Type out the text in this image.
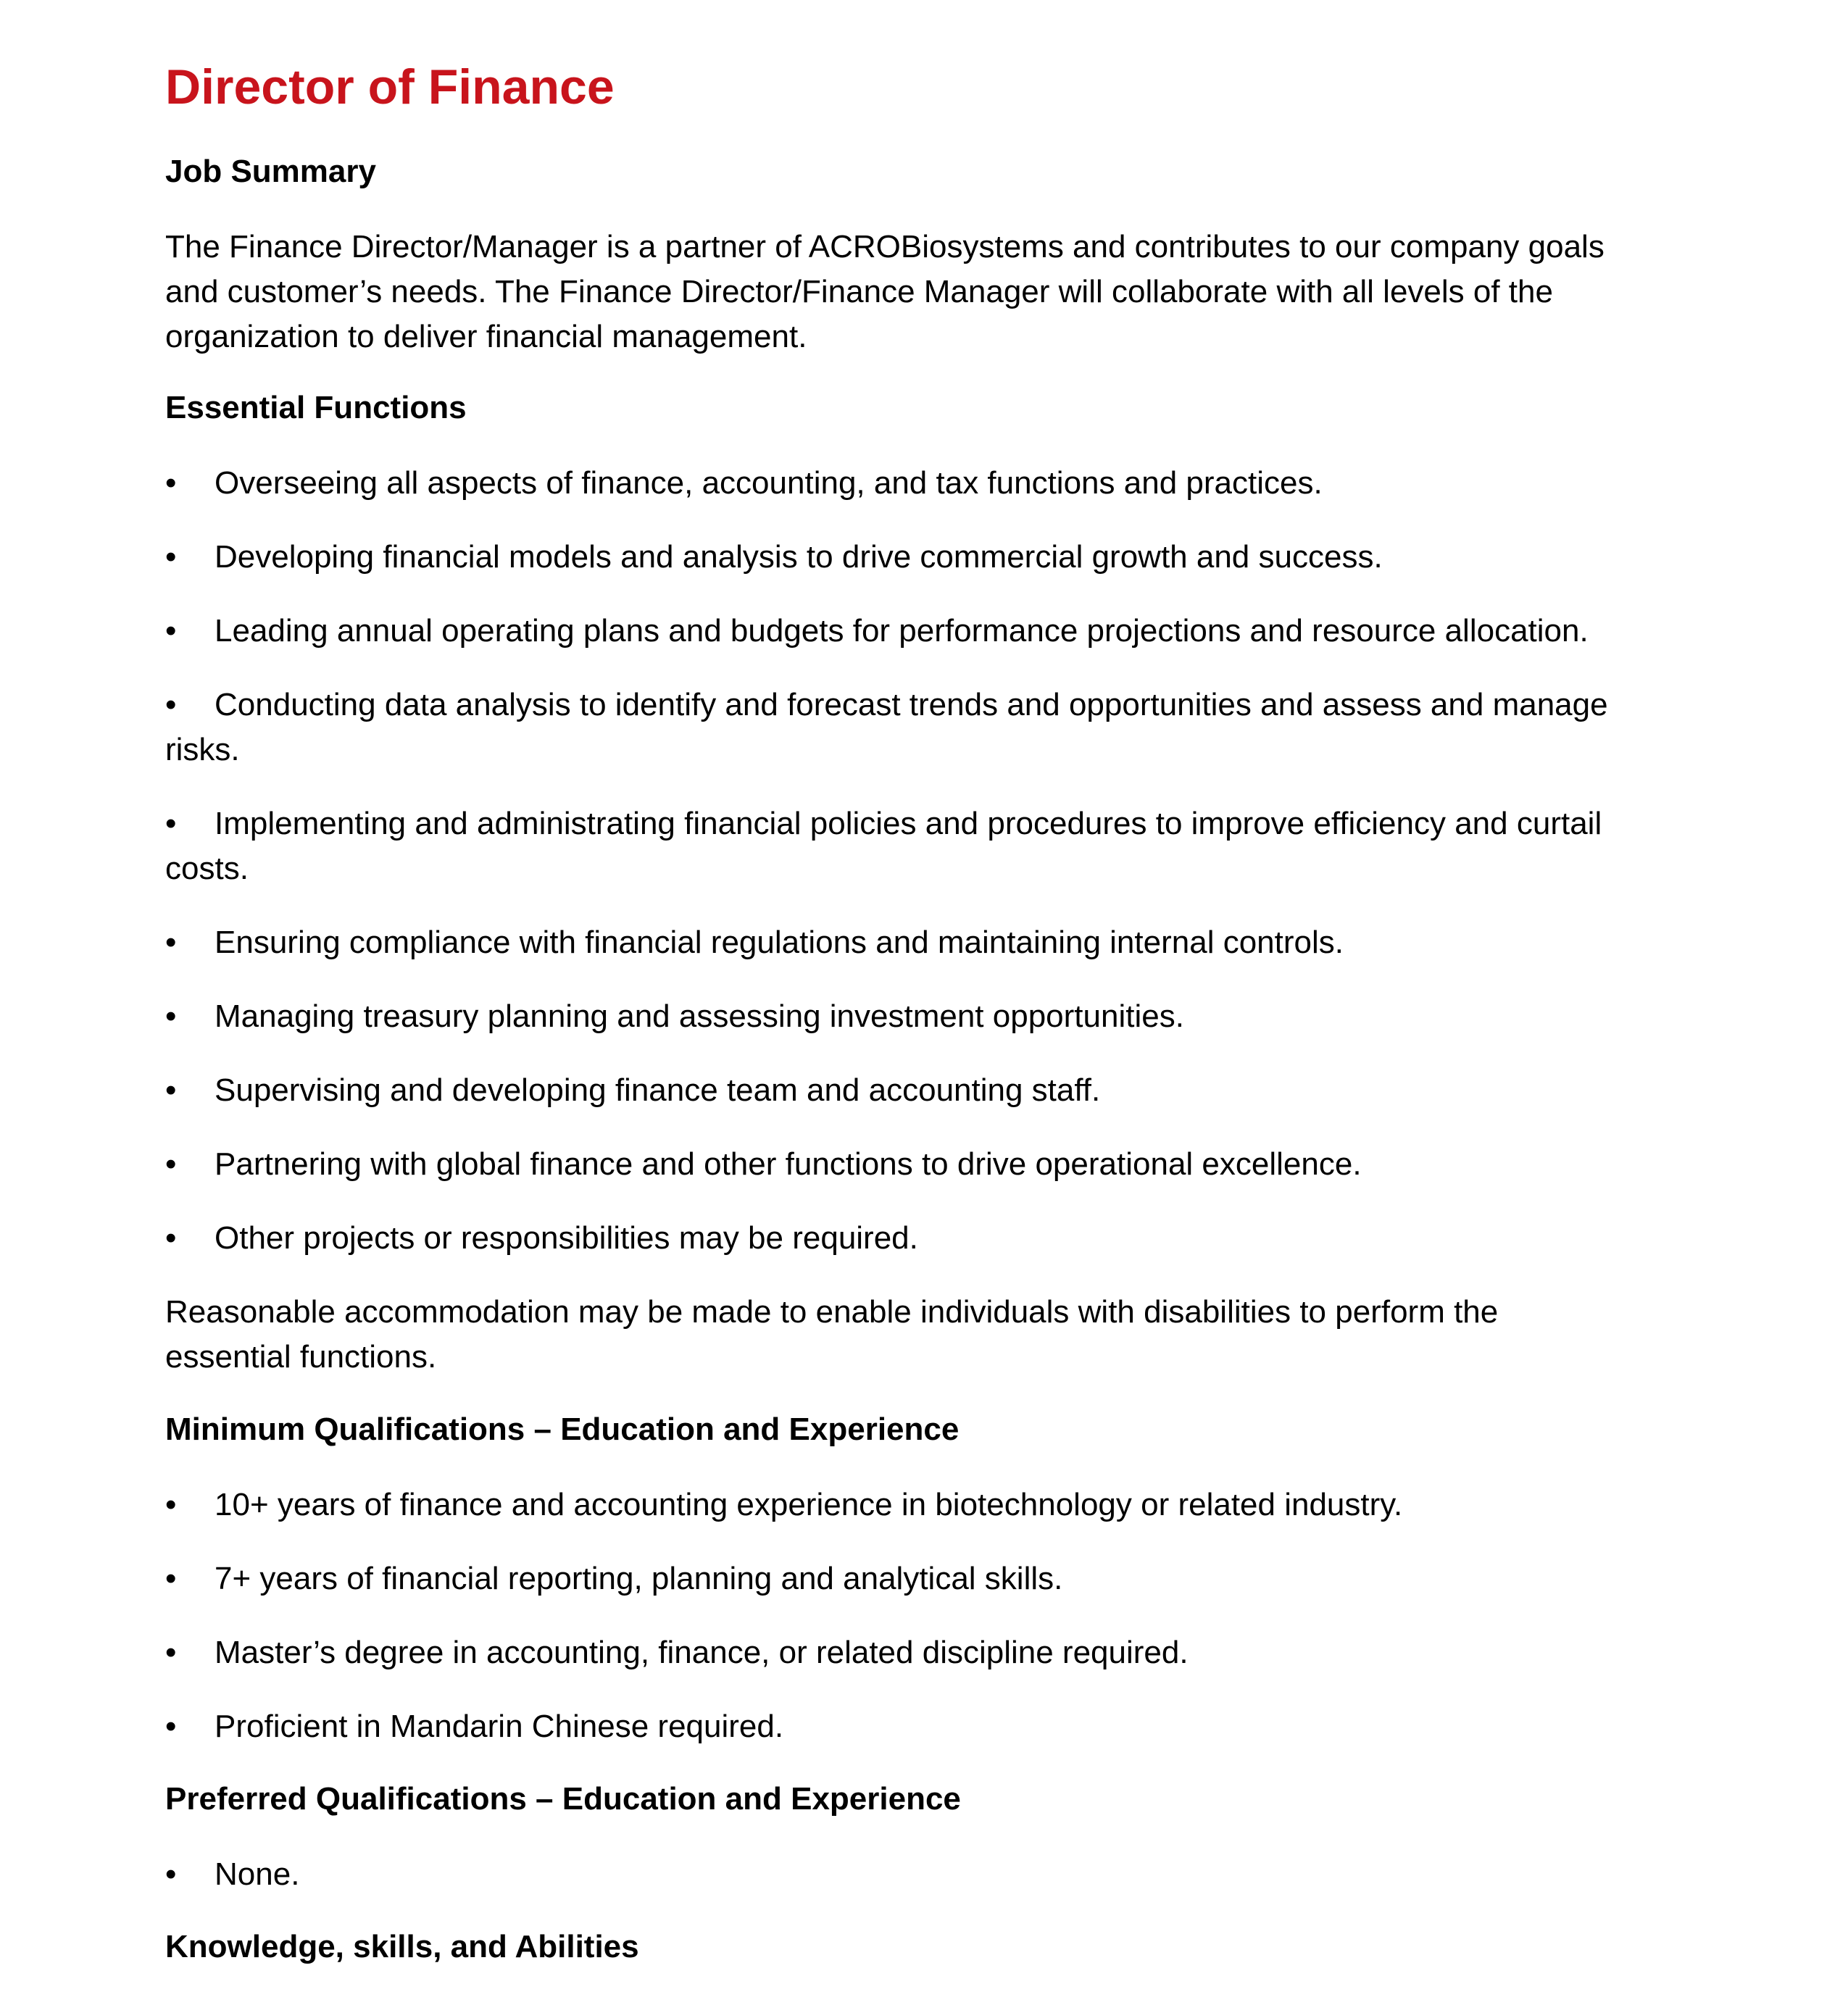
Director of Finance
Job Summary

The Finance Director/Manager is a partner of ACROBiosystems and contributes to our company goals

and customer’s needs. The Finance Director/Finance Manager will collaborate with all levels of the

organization to deliver financial management.

Essential Functions

• Overseeing all aspects of finance, accounting, and tax functions and practices.

• Developing financial models and analysis to drive commercial growth and success.

• Leading annual operating plans and budgets for performance projections and resource allocation.

• Conducting data analysis to identify and forecast trends and opportunities and assess and manage

risks.

• Implementing and administrating financial policies and procedures to improve efficiency and curtail

costs.

• Ensuring compliance with financial regulations and maintaining internal controls.

• Managing treasury planning and assessing investment opportunities.

• Supervising and developing finance team and accounting staff.

• Partnering with global finance and other functions to drive operational excellence.

• Other projects or responsibilities may be required.

Reasonable accommodation may be made to enable individuals with disabilities to perform the

essential functions.

Minimum Qualifications – Education and Experience

• 10+ years of finance and accounting experience in biotechnology or related industry.

• 7+ years of financial reporting, planning and analytical skills.

• Master’s degree in accounting, finance, or related discipline required.

• Proficient in Mandarin Chinese required.

Preferred Qualifications – Education and Experience

• None.

Knowledge, skills, and Abilities
